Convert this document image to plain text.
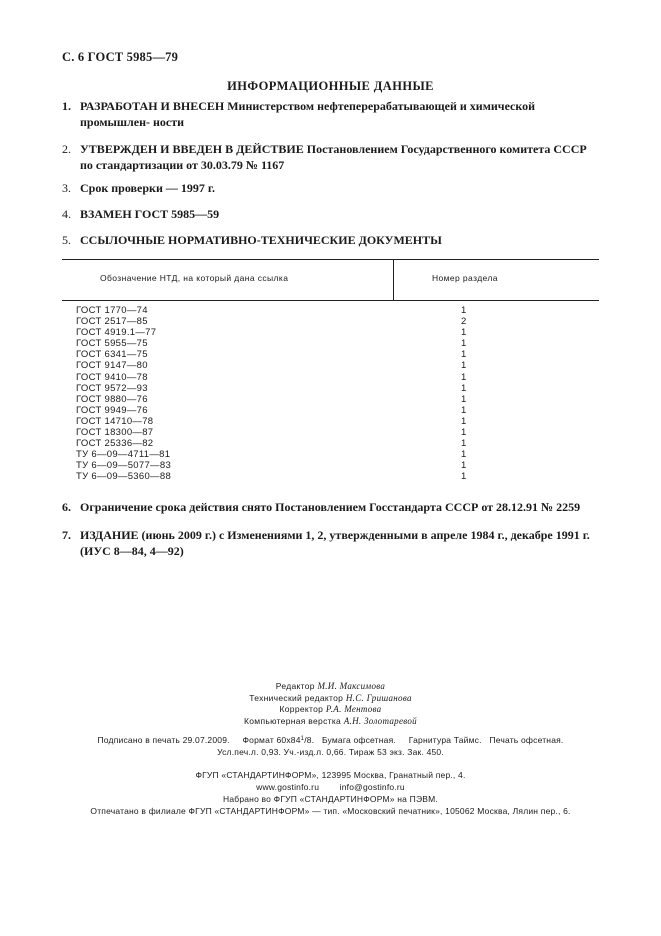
С. 6 ГОСТ 5985—79
ИНФОРМАЦИОННЫЕ ДАННЫЕ
1. РАЗРАБОТАН И ВНЕСЕН Министерством нефтеперерабатывающей и химической промышлен- ности
2. УТВЕРЖДЕН И ВВЕДЕН В ДЕЙСТВИЕ Постановлением Государственного комитета СССР по стандартизации от 30.03.79 № 1167
3. Срок проверки — 1997 г.
4. ВЗАМЕН ГОСТ 5985—59
5. ССЫЛОЧНЫЕ НОРМАТИВНО-ТЕХНИЧЕСКИЕ ДОКУМЕНТЫ
Обозначение НТД, на который дана ссылка	Номер раздела
ГОСТ 1770—74	1
ГОСТ 2517—85	2
ГОСТ 4919.1—77	1
ГОСТ 5955—75	1
ГОСТ 6341—75	1
ГОСТ 9147—80	1
ГОСТ 9410—78	1
ГОСТ 9572—93	1
ГОСТ 9880—76	1
ГОСТ 9949—76	1
ГОСТ 14710—78	1
ГОСТ 18300—87	1
ГОСТ 25336—82	1
ТУ 6—09—4711—81	1
ТУ 6—09—5077—83	1
ТУ 6—09—5360—88	1
6. Ограничение срока действия снято Постановлением Госстандарта СССР от 28.12.91 № 2259
7. ИЗДАНИЕ (июнь 2009 г.) с Изменениями 1, 2, утвержденными в апреле 1984 г., декабре 1991 г. (ИУС 8—84, 4—92)
Редактор М.И. Максимова
Технический редактор Н.С. Гришанова
Корректор Р.А. Ментова
Компьютерная верстка А.Н. Золотаревой
Подписано в печать 29.07.2009. Формат $60x84^1/8$. Бумага офсетная. Гарнитура Таймс. Печать офсетная.
Усл.печ.л. 0,93. Уч.-изд.л. 0,66. Тираж 53 экз. Зак. 450.
ФГУП «СТАНДАРТИНФОРМ», 123995 Москва, Гранатный пер., 4.
www.gostinfo.ru info@gostinfo.ru
Набрано во ФГУП «СТАНДАРТИНФОРМ» на ПЭВМ.
Отпечатано в филиале ФГУП «СТАНДАРТИНФОРМ» — тип. «Московский печатник», 105062 Москва, Лялин пер., 6.
